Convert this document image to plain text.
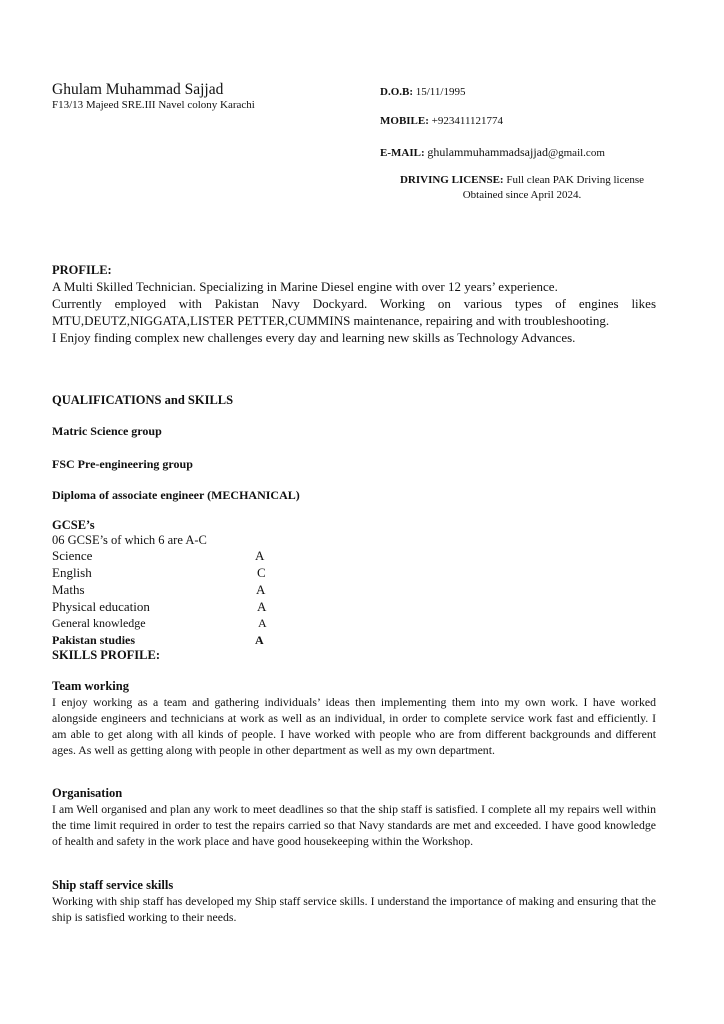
Ghulam Muhammad Sajjad
F13/13 Majeed SRE.III Navel colony Karachi
D.O.B: 15/11/1995
MOBILE: +923411121774
E-MAIL: ghulammuhammadsajjad@gmail.com
DRIVING LICENSE: Full clean PAK Driving license
Obtained since April 2024.
PROFILE:

A Multi Skilled Technician. Specializing in Marine Diesel engine with over 12 years’ experience.

Currently employed with Pakistan Navy Dockyard. Working on various types of engines likes MTU,DEUTZ,NIGGATA,LISTER PETTER,CUMMINS maintenance, repairing and with troubleshooting.

I Enjoy finding complex new challenges every day and learning new skills as Technology Advances.

QUALIFICATIONS and SKILLS
Matric Science group
FSC Pre-engineering group
Diploma of associate engineer (MECHANICAL)
GCSE’s
06 GCSE’s of which 6 are A-C
Science	A
English	C
Maths	A
Physical education	A
General knowledge	A
Pakistan studies	A
SKILLS PROFILE:
Team working
I enjoy working as a team and gathering individuals’ ideas then implementing them into my own work. I have worked alongside engineers and technicians at work as well as an individual, in order to complete service work fast and efficiently. I am able to get along with all kinds of people. I have worked with people who are from different backgrounds and different ages. As well as getting along with people in other department as well as my own department.
Organisation
I am Well organised and plan any work to meet deadlines so that the ship staff is satisfied. I complete all my repairs well within the time limit required in order to test the repairs carried so that Navy standards are met and exceeded. I have good knowledge of health and safety in the work place and have good housekeeping within the Workshop.
Ship staff service skills
Working with ship staff has developed my Ship staff service skills. I understand the importance of making and ensuring that the ship is satisfied working to their needs.
